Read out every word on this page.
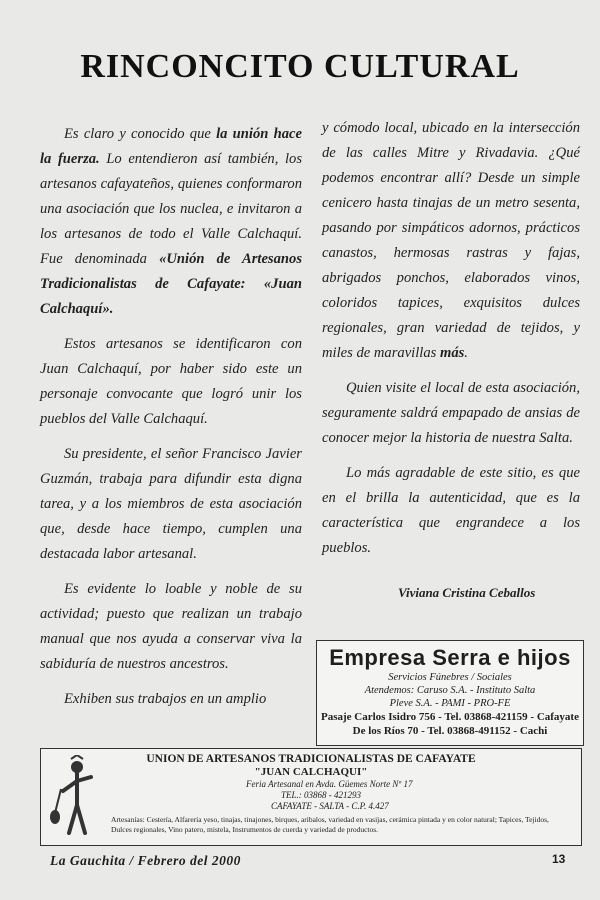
RINCONCITO CULTURAL

Es claro y conocido que la unión hace la fuerza. Lo entendieron así también, los artesanos cafayateños, quienes conformaron una asociación que los nuclea, e invitaron a los artesanos de todo el Valle Calchaquí. Fue denominada «Unión de Artesanos Tradicionalistas de Cafayate: «Juan Calchaquí».

Estos artesanos se identificaron con Juan Calchaquí, por haber sido este un personaje convocante que logró unir los pueblos del Valle Calchaquí.

Su presidente, el señor Francisco Javier Guzmán, trabaja para difundir esta digna tarea, y a los miembros de esta asociación que, desde hace tiempo, cumplen una destacada labor artesanal.

Es evidente lo loable y noble de su actividad; puesto que realizan un trabajo manual que nos ayuda a conservar viva la sabiduría de nuestros ancestros.

Exhiben sus trabajos en un amplio

y cómodo local, ubicado en la intersección de las calles Mitre y Rivadavia. ¿Qué podemos encontrar allí? Desde un simple cenicero hasta tinajas de un metro sesenta, pasando por simpáticos adornos, prácticos canastos, hermosas rastras y fajas, abrigados ponchos, elaborados vinos, coloridos tapices, exquisitos dulces regionales, gran variedad de tejidos, y miles de maravillas más.

Quien visite el local de esta asociación, seguramente saldrá empapado de ansias de conocer mejor la historia de nuestra Salta.

Lo más agradable de este sitio, es que en el brilla la autenticidad, que es la característica que engrandece a los pueblos.

Viviana Cristina Ceballos
Empresa Serra e hijos
Servicios Fúnebres / Sociales
Atendemos: Caruso S.A. - Instituto Salta
Pleve S.A. - PAMI - PRO-FE
Pasaje Carlos Isidro 756 - Tel. 03868-421159 - Cafayate
De los Ríos 70 - Tel. 03868-491152 - Cachi
UNION DE ARTESANOS TRADICIONALISTAS DE CAFAYATE
"JUAN CALCHAQUI"
Feria Artesanal en Avda. Güemes Norte Nº 17
TEL.: 03868 - 421293
CAFAYATE - SALTA - C.P. 4.427
Artesanías: Cestería, Alfarería yeso, tinajas, tinajones, birques, aribalos, variedad en vasijas, cerámica pintada y en color natural; Tapices, Tejidos, Dulces regionales, Vino patero, mistela, Instrumentos de cuerda y variedad de productos.
La Gauchita / Febrero del 2000	13
